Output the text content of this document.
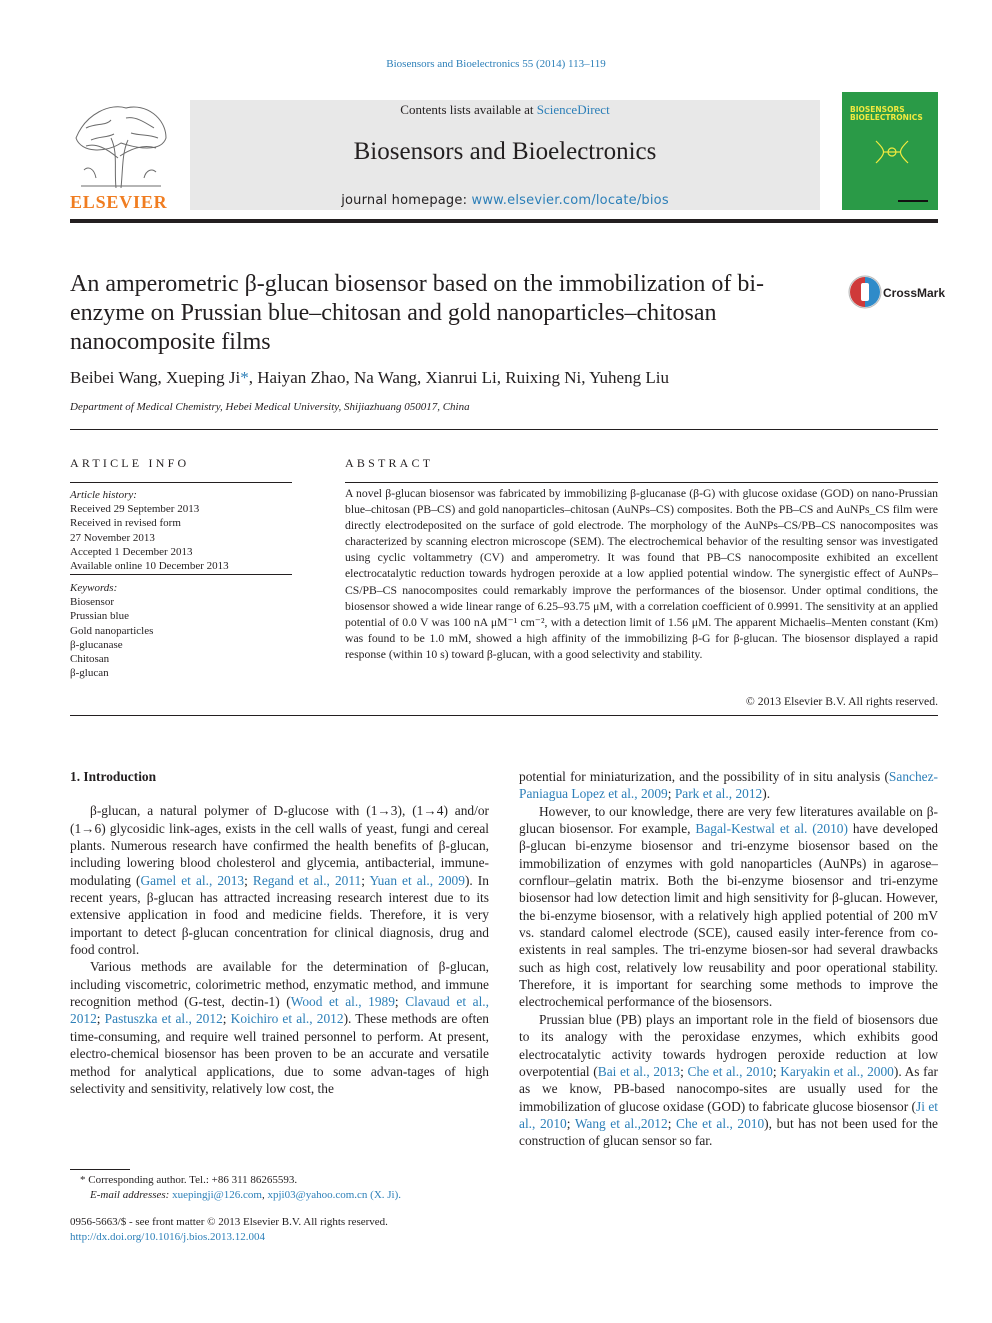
Biosensors and Bioelectronics 55 (2014) 113–119
ELSEVIER
Contents lists available at ScienceDirect
Biosensors and Bioelectronics
journal homepage: www.elsevier.com/locate/bios
BIOSENSORS BIOELECTRONICS
An amperometric β-glucan biosensor based on the immobilization of bi-enzyme on Prussian blue–chitosan and gold nanoparticles–chitosan nanocomposite films
CrossMark
Beibei Wang, Xueping Ji*, Haiyan Zhao, Na Wang, Xianrui Li, Ruixing Ni, Yuheng Liu
Department of Medical Chemistry, Hebei Medical University, Shijiazhuang 050017, China
ARTICLE INFO	ABSTRACT
Article history:
Received 29 September 2013
Received in revised form
27 November 2013
Accepted 1 December 2013
Available online 10 December 2013
Keywords:
Biosensor
Prussian blue
Gold nanoparticles
β-glucanase
Chitosan
β-glucan
A novel β-glucan biosensor was fabricated by immobilizing β-glucanase (β-G) with glucose oxidase (GOD) on nano-Prussian blue–chitosan (PB–CS) and gold nanoparticles–chitosan (AuNPs–CS) composites. Both the PB–CS and AuNPs_CS film were directly electrodeposited on the surface of gold electrode. The morphology of the AuNPs–CS/PB–CS nanocomposites was characterized by scanning electron microscope (SEM). The electrochemical behavior of the resulting sensor was investigated using cyclic voltammetry (CV) and amperometry. It was found that PB–CS nanocomposite exhibited an excellent electrocatalytic reduction towards hydrogen peroxide at a low applied potential window. The synergistic effect of AuNPs–CS/PB–CS nanocomposites could remarkably improve the performances of the biosensor. Under optimal conditions, the biosensor showed a wide linear range of 6.25–93.75 μM, with a correlation coefficient of 0.9991. The sensitivity at an applied potential of 0.0 V was 100 nA μM⁻¹ cm⁻², with a detection limit of 1.56 μM. The apparent Michaelis–Menten constant (Km) was found to be 1.0 mM, showed a high affinity of the immobilizing β-G for β-glucan. The biosensor displayed a rapid response (within 10 s) toward β-glucan, with a good selectivity and stability.
© 2013 Elsevier B.V. All rights reserved.
1. Introduction

β-glucan, a natural polymer of D-glucose with (1→3), (1→4) and/or (1→6) glycosidic link-ages, exists in the cell walls of yeast, fungi and cereal plants. Numerous research have confirmed the health benefits of β-glucan, including lowering blood cholesterol and glycemia, antibacterial, immune-modulating (Gamel et al., 2013; Regand et al., 2011; Yuan et al., 2009). In recent years, β-glucan has attracted increasing research interest due to its extensive application in food and medicine fields. Therefore, it is very important to detect β-glucan concentration for clinical diagnosis, drug and food control.

Various methods are available for the determination of β-glucan, including viscometric, colorimetric method, enzymatic method, and immune recognition method (G-test, dectin-1) (Wood et al., 1989; Clavaud et al., 2012; Pastuszka et al., 2012; Koichiro et al., 2012). These methods are often time-consuming, and require well trained personnel to perform. At present, electro-chemical biosensor has been proven to be an accurate and versatile method for analytical applications, due to some advan-tages of high selectivity and sensitivity, relatively low cost, the

potential for miniaturization, and the possibility of in situ analysis (Sanchez-Paniagua Lopez et al., 2009; Park et al., 2012).

However, to our knowledge, there are very few literatures available on β-glucan biosensor. For example, Bagal-Kestwal et al. (2010) have developed β-glucan bi-enzyme biosensor and tri-enzyme biosensor based on the immobilization of enzymes with gold nanoparticles (AuNPs) in agarose–cornflour–gelatin matrix. Both the bi-enzyme biosensor and tri-enzyme biosensor had low detection limit and high sensitivity for β-glucan. However, the bi-enzyme biosensor, with a relatively high applied potential of 200 mV vs. standard calomel electrode (SCE), caused easily inter-ference from co-existents in real samples. The tri-enzyme biosen-sor had several drawbacks such as high cost, relatively low reusability and poor operational stability. Therefore, it is important for searching some methods to improve the electrochemical performance of the biosensors.

Prussian blue (PB) plays an important role in the field of biosensors due to its analogy with the peroxidase enzymes, which exhibits good electrocatalytic activity towards hydrogen peroxide reduction at low overpotential (Bai et al., 2013; Che et al., 2010; Karyakin et al., 2000). As far as we know, PB-based nanocompo-sites are usually used for the immobilization of glucose oxidase (GOD) to fabricate glucose biosensor (Ji et al., 2010; Wang et al.,2012; Che et al., 2010), but has not been used for the construction of glucan sensor so far.

* Corresponding author. Tel.: +86 311 86265593.
E-mail addresses: xuepingji@126.com, xpji03@yahoo.com.cn (X. Ji).
0956-5663/$ - see front matter © 2013 Elsevier B.V. All rights reserved.
http://dx.doi.org/10.1016/j.bios.2013.12.004
